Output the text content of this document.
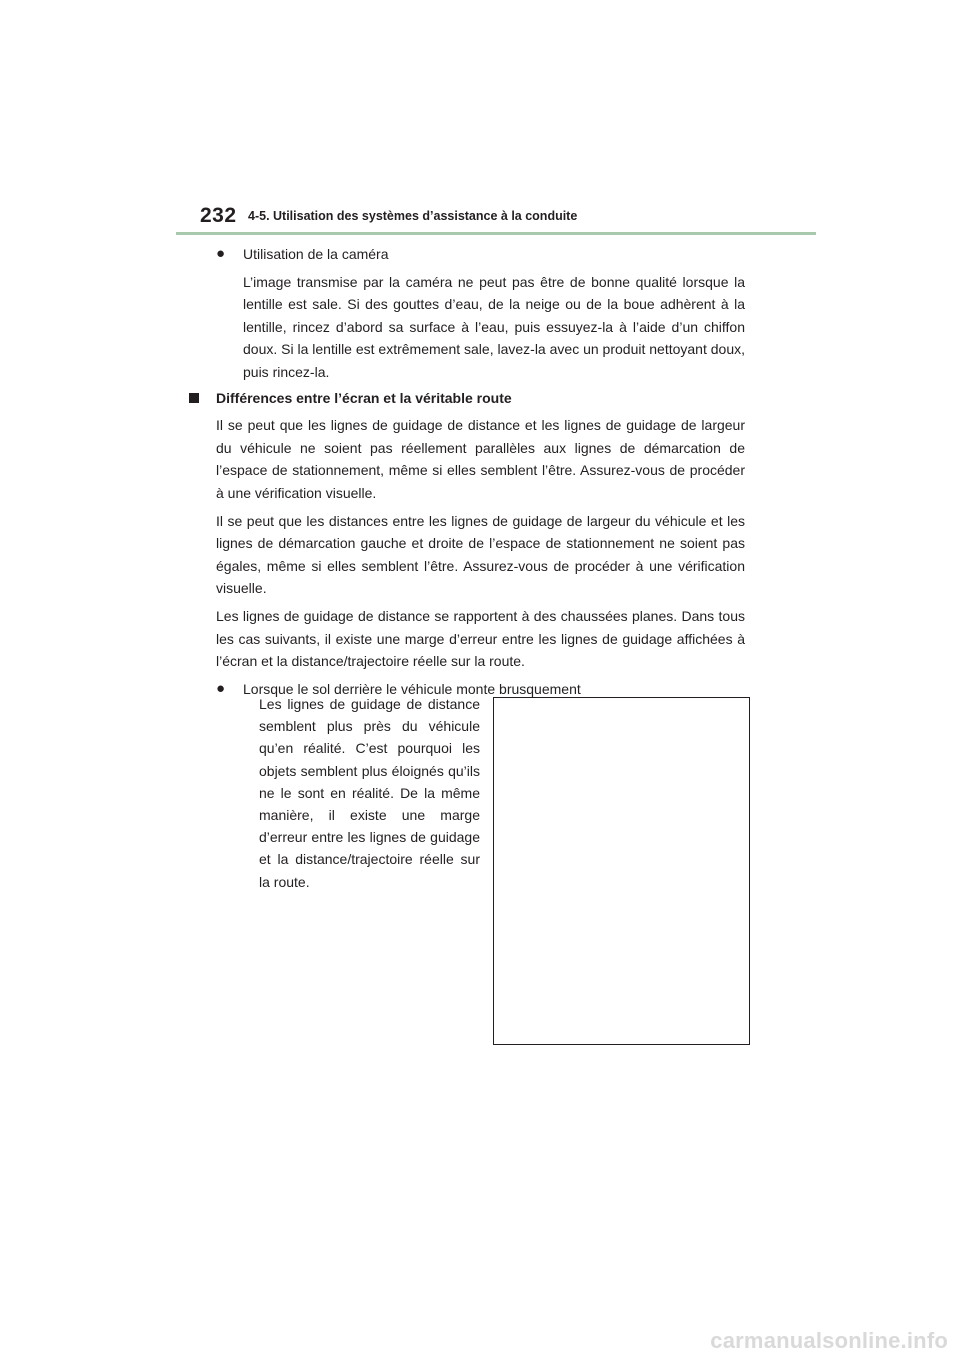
232 4-5. Utilisation des systèmes d’assistance à la conduite
● Utilisation de la caméra

L’image transmise par la caméra ne peut pas être de bonne qualité lorsque la lentille est sale. Si des gouttes d’eau, de la neige ou de la boue adhèrent à la lentille, rincez d’abord sa surface à l’eau, puis essuyez-la à l’aide d’un chiffon doux. Si la lentille est extrêmement sale, lavez-la avec un produit nettoyant doux, puis rincez-la.

Différences entre l’écran et la véritable route

Il se peut que les lignes de guidage de distance et les lignes de guidage de largeur du véhicule ne soient pas réellement parallèles aux lignes de démarcation de l’espace de stationnement, même si elles semblent l’être. Assurez-vous de procéder à une vérification visuelle.

Il se peut que les distances entre les lignes de guidage de largeur du véhicule et les lignes de démarcation gauche et droite de l’espace de stationnement ne soient pas égales, même si elles semblent l’être. Assurez-vous de procéder à une vérification visuelle.

Les lignes de guidage de distance se rapportent à des chaussées planes. Dans tous les cas suivants, il existe une marge d’erreur entre les lignes de guidage affichées à l’écran et la distance/trajectoire réelle sur la route.

● Lorsque le sol derrière le véhicule monte brusquement

Les lignes de guidage de distance semblent plus près du véhicule qu’en réalité. C’est pourquoi les objets semblent plus éloignés qu’ils ne le sont en réalité. De la même manière, il existe une marge d’erreur entre les lignes de guidage et la distance/trajectoire réelle sur la route.

carmanualsonline.info
